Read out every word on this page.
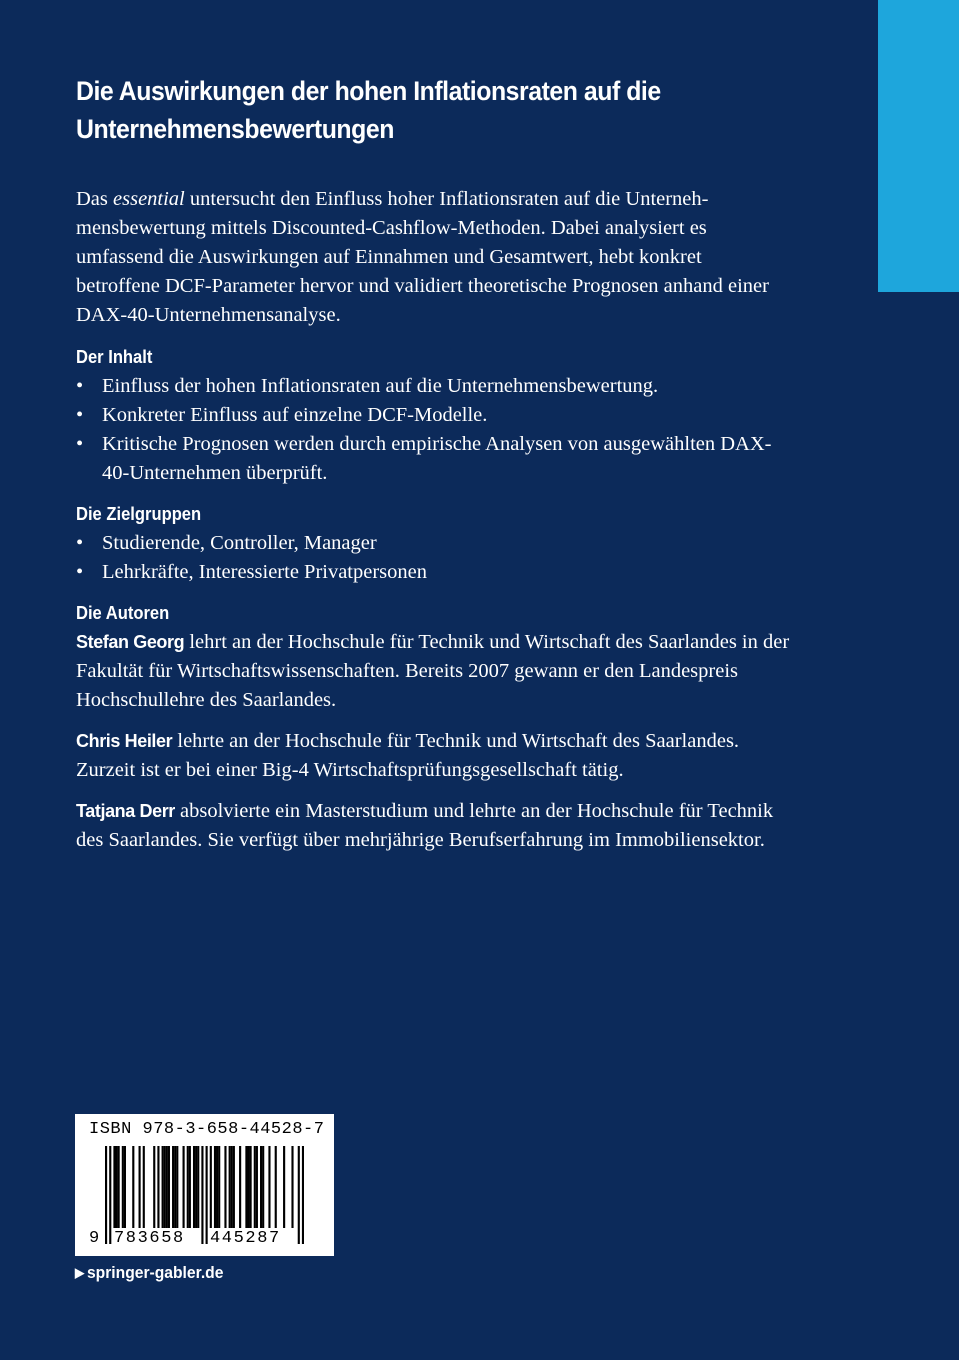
Die Auswirkungen der hohen Inflationsraten auf die
Unternehmensbewertungen

Das essential untersucht den Einfluss hoher Inflationsraten auf die Unternehmensbewertung mittels Discounted-Cashflow-Methoden. Dabei analysiert es umfassend die Auswirkungen auf Einnahmen und Gesamtwert, hebt konkret betroffene DCF-Parameter hervor und validiert theoretische Prognosen anhand einer DAX-40-Unternehmensanalyse.

Der Inhalt
• Einfluss der hohen Inflationsraten auf die Unternehmensbewertung.
• Konkreter Einfluss auf einzelne DCF-Modelle.
• Kritische Prognosen werden durch empirische Analysen von ausgewählten DAX-40-Unternehmen überprüft.
Die Zielgruppen
• Studierende, Controller, Manager
• Lehrkräfte, Interessierte Privatpersonen
Die Autoren

Stefan Georg lehrt an der Hochschule für Technik und Wirtschaft des Saarlandes in der Fakultät für Wirtschaftswissenschaften. Bereits 2007 gewann er den Landespreis Hochschullehre des Saarlandes.

Chris Heiler lehrte an der Hochschule für Technik und Wirtschaft des Saarlandes. Zurzeit ist er bei einer Big-4 Wirtschaftsprüfungsgesellschaft tätig.

Tatjana Derr absolvierte ein Masterstudium und lehrte an der Hochschule für Technik des Saarlandes. Sie verfügt über mehrjährige Berufserfahrung im Immobiliensektor.

ISBN 978-3-658-44528-7
9 783658 445287
▶ springer-gabler.de
